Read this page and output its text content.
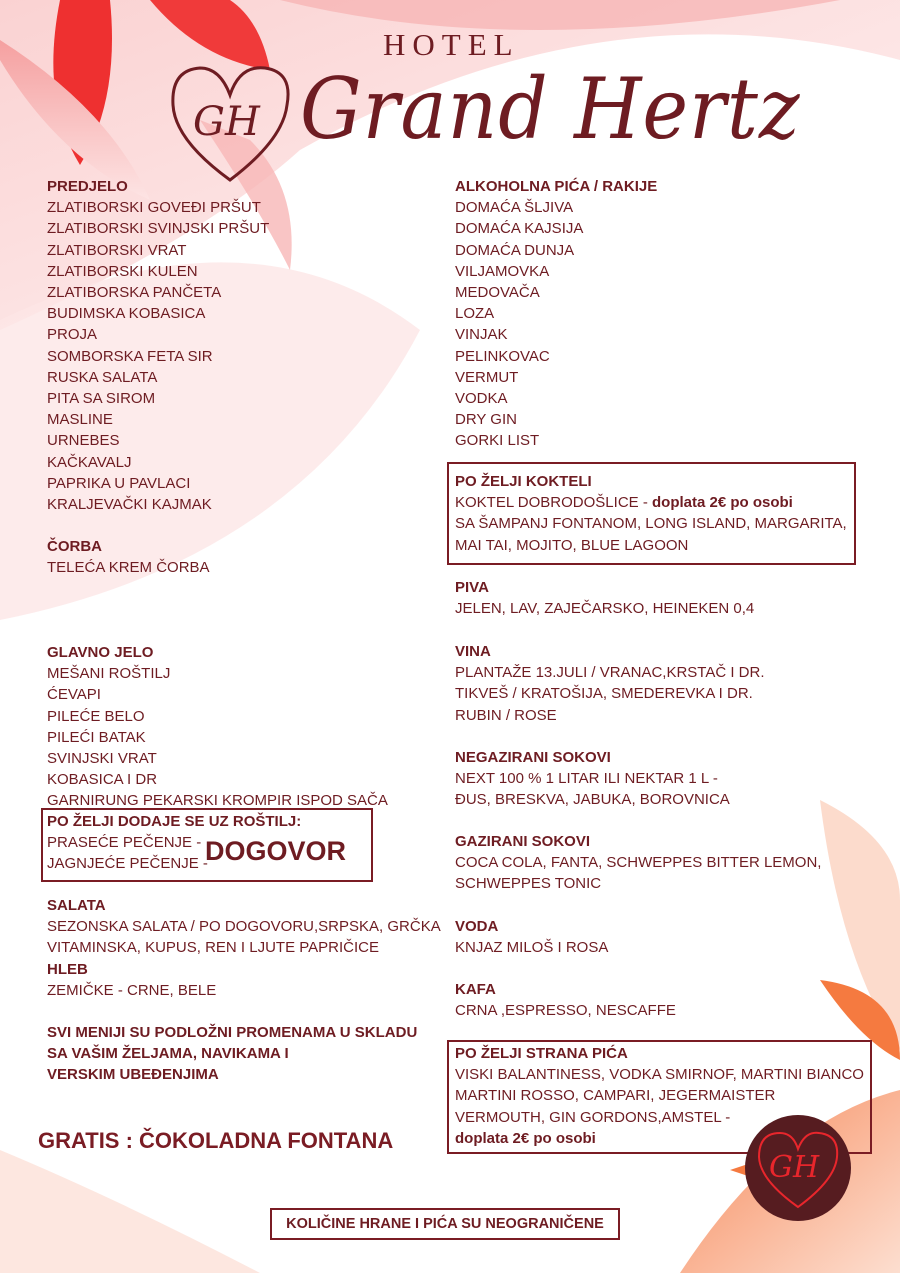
HOTEL
GH Grand Hertz
PREDJELO
ZLATIBORSKI GOVEĐI PRŠUT
ZLATIBORSKI SVINJSKI PRŠUT
ZLATIBORSKI VRAT
ZLATIBORSKI KULEN
ZLATIBORSKA PANČETA
BUDIMSKA KOBASICA
PROJA
SOMBORSKA FETA SIR
RUSKA SALATA
PITA SA SIROM
MASLINE
URNEBES
KAČKAVALJ
PAPRIKA U PAVLACI
KRALJEVAČKI KAJMAK
ČORBA
TELEĆA KREM ČORBA
GLAVNO JELO
MEŠANI ROŠTILJ
ĆEVAPI
PILEĆE BELO
PILEĆI BATAK
SVINJSKI VRAT
KOBASICA I DR
GARNIRUNG PEKARSKI KROMPIR ISPOD SAČA
PO ŽELJI DODAJE SE UZ ROŠTILJ:
PRASEĆE PEČENJE -
JAGNJEĆE PEČENJE -
SALATA
SEZONSKA SALATA / PO DOGOVORU,SRPSKA, GRČKA
VITAMINSKA, KUPUS, REN I LJUTE PAPRIČICE
HLEB
ZEMIČKE - CRNE, BELE
SVI MENIJI SU PODLOŽNI PROMENAMA U SKLADU
SA VAŠIM ŽELJAMA, NAVIKAMA I
VERSKIM UBEĐENJIMA
ALKOHOLNA PIĆA / RAKIJE
DOMAĆA ŠLJIVA
DOMAĆA KAJSIJA
DOMAĆA DUNJA
VILJAMOVKA
MEDOVAČA
LOZA
VINJAK
PELINKOVAC
VERMUT
VODKA
DRY GIN
GORKI LIST
PO ŽELJI KOKTELI
KOKTEL DOBRODOŠLICE - doplata 2€ po osobi
SA ŠAMPANJ FONTANOM, LONG ISLAND, MARGARITA,
MAI TAI, MOJITO, BLUE LAGOON
PIVA
JELEN, LAV, ZAJEČARSKO, HEINEKEN 0,4
VINA
PLANTAŽE 13.JULI / VRANAC,KRSTAČ I DR.
TIKVEŠ / KRATOŠIJA, SMEDEREVKA I DR.
RUBIN / ROSE
NEGAZIRANI SOKOVI
NEXT 100 % 1 LITAR ILI NEKTAR 1 L -
ĐUS, BRESKVA, JABUKA, BOROVNICA
GAZIRANI SOKOVI
COCA COLA, FANTA, SCHWEPPES BITTER LEMON,
SCHWEPPES TONIC
VODA
KNJAZ MILOŠ I ROSA
KAFA
CRNA ,ESPRESSO, NESCAFFE
PO ŽELJI STRANA PIĆA
VISKI BALANTINESS, VODKA SMIRNOF, MARTINI BIANCO
MARTINI ROSSO, CAMPARI, JEGERMAISTER
VERMOUTH, GIN GORDONS,AMSTEL -
doplata 2€ po osobi
DOGOVOR
GRATIS : ČOKOLADNA FONTANA
KOLIČINE HRANE I PIĆA SU NEOGRANIČENE
GH
